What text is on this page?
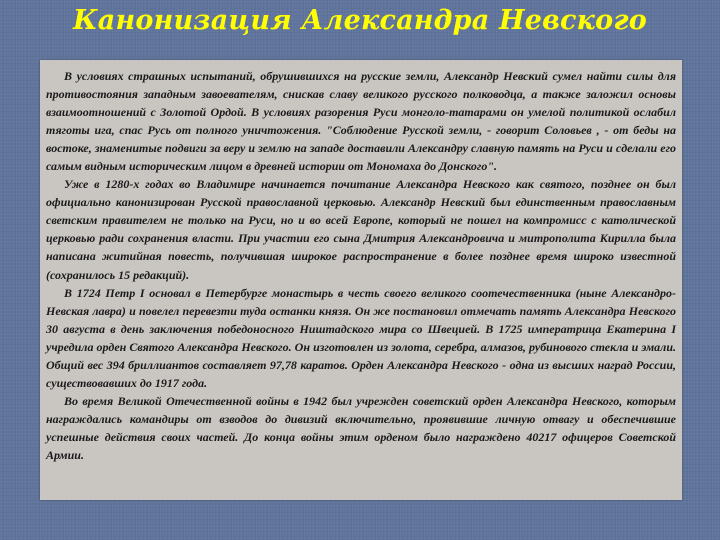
Канонизация Александра Невского

В условиях страшных испытаний, обрушившихся на русские земли, Александр Невский сумел найти силы для противостояния западным завоевателям, снискав славу великого русского полководца, а также заложил основы взаимоотношений с Золотой Ордой. В условиях разорения Руси монголо-татарами он умелой политикой ослабил тяготы ига, спас Русь от полного уничтожения. "Соблюдение Русской земли, - говорит Соловьев , - от беды на востоке, знаменитые подвиги за веру и землю на западе доставили Александру славную память на Руси и сделали его самым видным историческим лицом в древней истории от Мономаха до Донского".

Уже в 1280-х годах во Владимире начинается почитание Александра Невского как святого, позднее он был официально канонизирован Русской православной церковью. Александр Невский был единственным православным светским правителем не только на Руси, но и во всей Европе, который не пошел на компромисс с католической церковью ради сохранения власти. При участии его сына Дмитрия Александровича и митрополита Кирилла была написана житийная повесть, получившая широкое распространение в более позднее время широко известной (сохранилось 15 редакций).

В 1724 Петр I основал в Петербурге монастырь в честь своего великого соотечественника (ныне Александро-Невская лавра) и повелел перевезти туда останки князя. Он же постановил отмечать память Александра Невского 30 августа в день заключения победоносного Ништадского мира со Швецией. В 1725 императрица Екатерина I учредила орден Святого Александра Невского. Он изготовлен из золота, серебра, алмазов, рубинового стекла и эмали. Общий вес 394 бриллиантов составляет 97,78 каратов. Орден Александра Невского - одна из высших наград России, существовавших до 1917 года.

Во время Великой Отечественной войны в 1942 был учрежден советский орден Александра Невского, которым награждались командиры от взводов до дивизий включительно, проявившие личную отвагу и обеспечившие успешные действия своих частей. До конца войны этим орденом было награждено 40217 офицеров Советской Армии.
